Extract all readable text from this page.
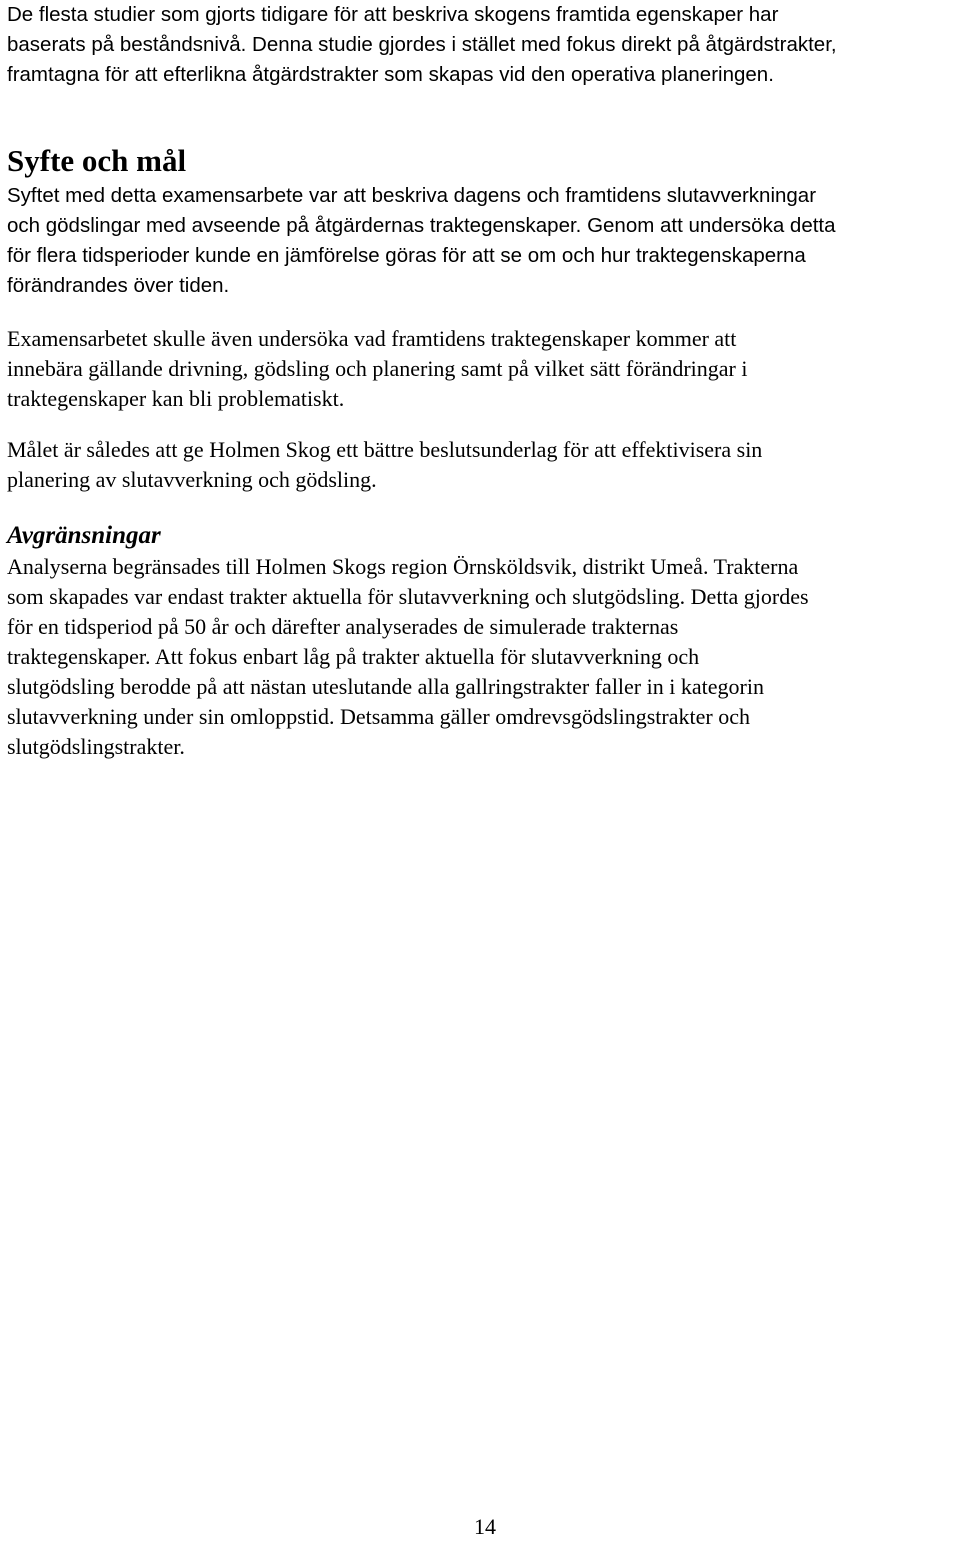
De flesta studier som gjorts tidigare för att beskriva skogens framtida egenskaper har
baserats på beståndsnivå. Denna studie gjordes i stället med fokus direkt på åtgärdstrakter,
framtagna för att efterlikna åtgärdstrakter som skapas vid den operativa planeringen.

Syfte och mål

Syftet med detta examensarbete var att beskriva dagens och framtidens slutavverkningar
och gödslingar med avseende på åtgärdernas traktegenskaper. Genom att undersöka detta
för flera tidsperioder kunde en jämförelse göras för att se om och hur traktegenskaperna
förändrandes över tiden.

Examensarbetet skulle även undersöka vad framtidens traktegenskaper kommer att
innebära gällande drivning, gödsling och planering samt på vilket sätt förändringar i
traktegenskaper kan bli problematiskt.

Målet är således att ge Holmen Skog ett bättre beslutsunderlag för att effektivisera sin
planering av slutavverkning och gödsling.

Avgränsningar

Analyserna begränsades till Holmen Skogs region Örnsköldsvik, distrikt Umeå. Trakterna
som skapades var endast trakter aktuella för slutavverkning och slutgödsling. Detta gjordes
för en tidsperiod på 50 år och därefter analyserades de simulerade trakternas
traktegenskaper. Att fokus enbart låg på trakter aktuella för slutavverkning och
slutgödsling berodde på att nästan uteslutande alla gallringstrakter faller in i kategorin
slutavverkning under sin omloppstid. Detsamma gäller omdrevsgödslingstrakter och
slutgödslingstrakter.

14
